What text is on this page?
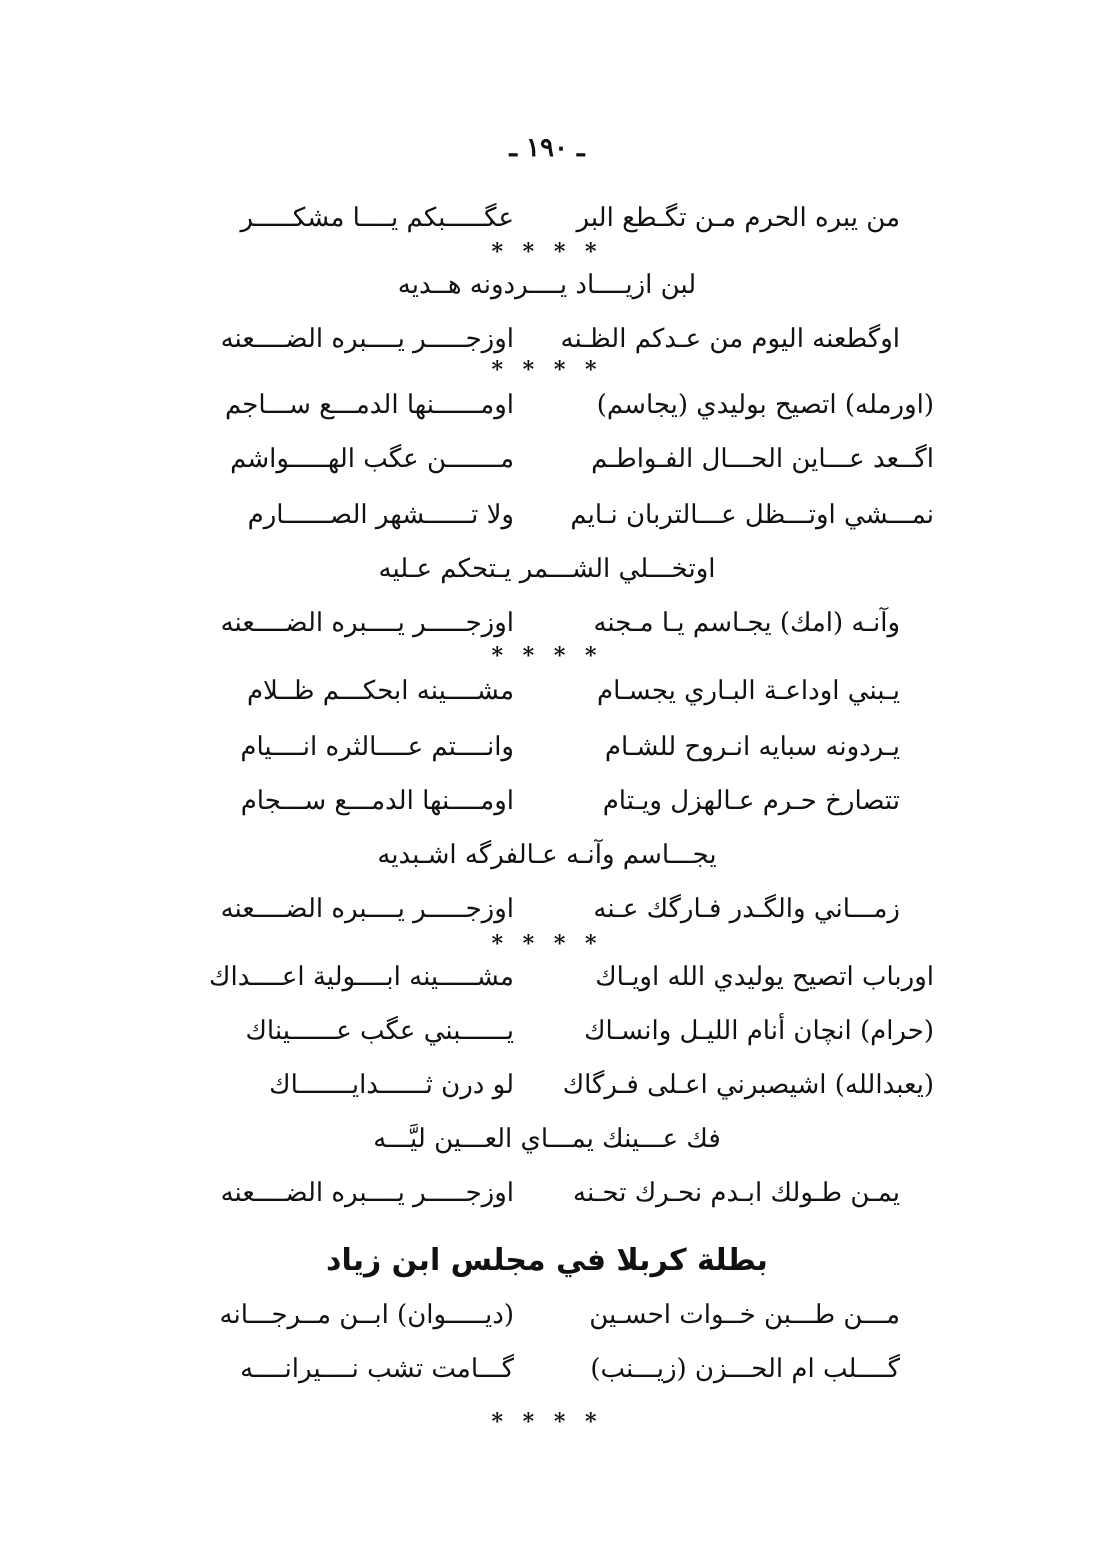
ـ ١٩٠ ـ
من يبره الحرم مـن تگـطع البر
عگـــــبكم يــــا مشكـــــر
* * * *
لبن ازيــــاد يــــردونه هــديه
اوگطعنه اليوم من عـدكم الظـنه
اوزجـــــر يــــبره الضــــعنه
* * * *
(اورمله) اتصيح بوليدي (يجاسم)
اومــــــنها الدمـــع ســـاجم
اگــعد عـــاين الحـــال الفـواطـم
مـــــــن عگب الهـــــواشم
نمـــشي اوتـــظل عـــالتربان نـايم
ولا تــــــشهر الصــــــارم
اوتخـــلي الشـــمر يـتحكم عـليه
وآنـه (امك) يجـاسم يـا مـجنه
اوزجـــــر يــــبره الضــــعنه
* * * *
يـبني اوداعـة البـاري يجسـام
مشــــينه ابحكـــم ظــلام
يـردونه سبايه انـروح للشـام
وانــــتم عــــالثره انــــيام
تتصارخ حـرم عـالهزل ويـتام
اومــــنها الدمـــع ســـجام
يجـــاسم وآنـه عـالفرگه اشـبديه
زمـــاني والگـدر فـارگك عـنه
اوزجـــــر يــــبره الضــــعنه
* * * *
اورباب اتصيح يوليدي الله اويـاك
مشـــــينه ابــــولية اعــــداك
(حرام) انچان أنام الليـل وانسـاك
يــــــبني عگب عــــــيناك
(يعبدالله) اشيصبرني اعـلى فـرگاك
لو درن ثــــــدايـــــــاك
فك عـــينك يمـــاي العـــين ليَّـــه
يمـن طـولك ابـدم نحـرك تحـنه
اوزجـــــر يــــبره الضــــعنه
بطلة كربلا في مجلس ابن زياد
مـــن طـــبن خــوات احسـين
(ديـــــوان) ابــن مــرجـــانه
گــــلب ام الحـــزن (زيـــنب)
گـــامت تشب نــــيرانــــه
* * * *
